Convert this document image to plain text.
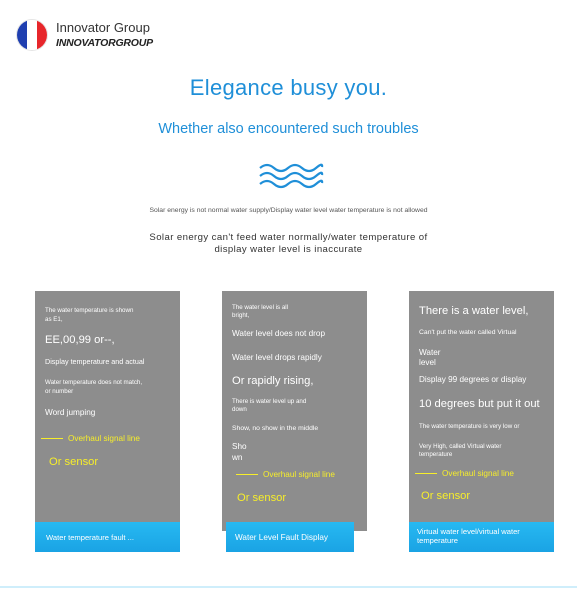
Innovator Group
INNOVATORGROUP
Elegance busy you.
Whether also encountered such troubles
Solar energy is not normal water supply/Display water level water temperature is not allowed
Solar energy can't feed water normally/water temperature of display water level is inaccurate
The water temperature is shown
as E1,
EE,00,99 or--,
Display temperature and actual
Water temperature does not match,
or number
Word jumping
Overhaul signal line
Or sensor
Water temperature fault ...
The water level is all
bright,
Water level does not drop
Water level drops rapidly
Or rapidly rising,
There is water level up and
down
Show, no show in the middle
Sho
wn
Overhaul signal line
Or sensor
Water Level Fault Display
There is a water level,
Can't put the water called Virtual
Water
level
Display 99 degrees or display
10 degrees but put it out
The water temperature is very low or
Very High, called Virtual water
temperature
Overhaul signal line
Or sensor
Virtual water level/virtual water temperature
